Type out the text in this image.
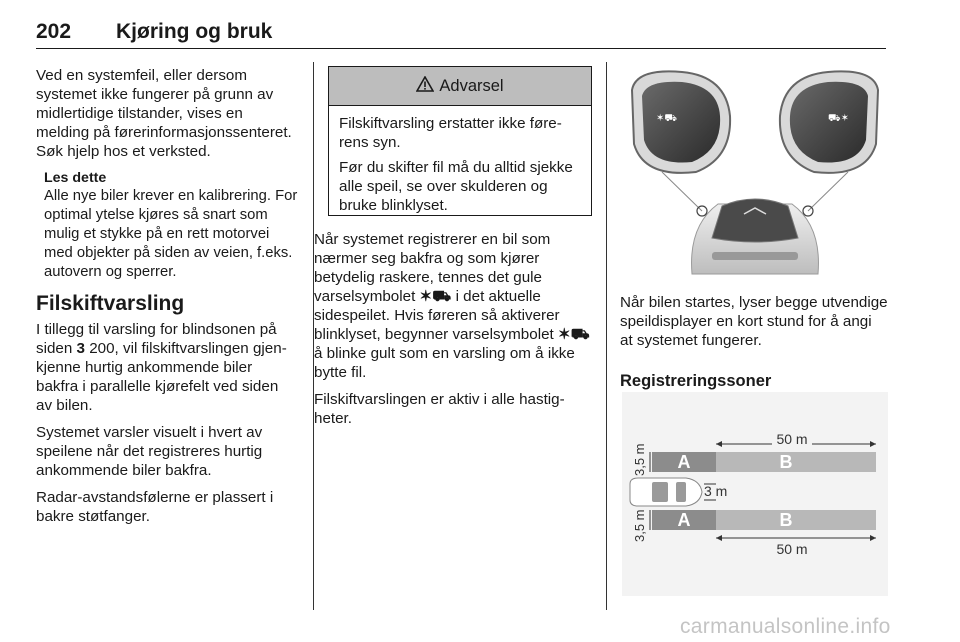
202 Kjøring og bruk

Ved en systemfeil, eller dersom systemet ikke fungerer på grunn av midlertidige tilstander, vises en melding på førerinformasjonssenteret. Søk hjelp hos et verksted.

Les dette
Alle nye biler krever en kalibrering. For optimal ytelse kjøres så snart som mulig et stykke på en rett motorvei med objekter på siden av veien, f.eks. autovern og sperrer.
Filskiftvarsling

I tillegg til varsling for blindsonen på siden 3 200, vil filskiftvarslingen gjenkjenne hurtig ankommende biler bakfra i parallelle kjørefelt ved siden av bilen.

Systemet varsler visuelt i hvert av speilene når det registreres hurtig ankommende biler bakfra.

Radar-avstandsfølerne er plassert i bakre støtfanger.

Advarsel

Filskiftvarsling erstatter ikke førerens syn.

Før du skifter fil må du alltid sjekke alle speil, se over skulderen og bruke blinklyset.

Når systemet registrerer en bil som nærmer seg bakfra og som kjører betydelig raskere, tennes det gule varselsymbolet ✶⛟ i det aktuelle sidespeilet. Hvis føreren så aktiverer blinklyset, begynner varselsymbolet ✶⛟ å blinke gult som en varsling om å ikke bytte fil.

Filskiftvarslingen er aktiv i alle hastigheter.

✶⛟	⛟✶

Når bilen startes, lyser begge utvendige speildisplayer en kort stund for å angi at systemet fungerer.

Registreringssoner
A	B
A	B
50 m
50 m
3,5 m
3,5 m
3 m
carmanualsonline.info
